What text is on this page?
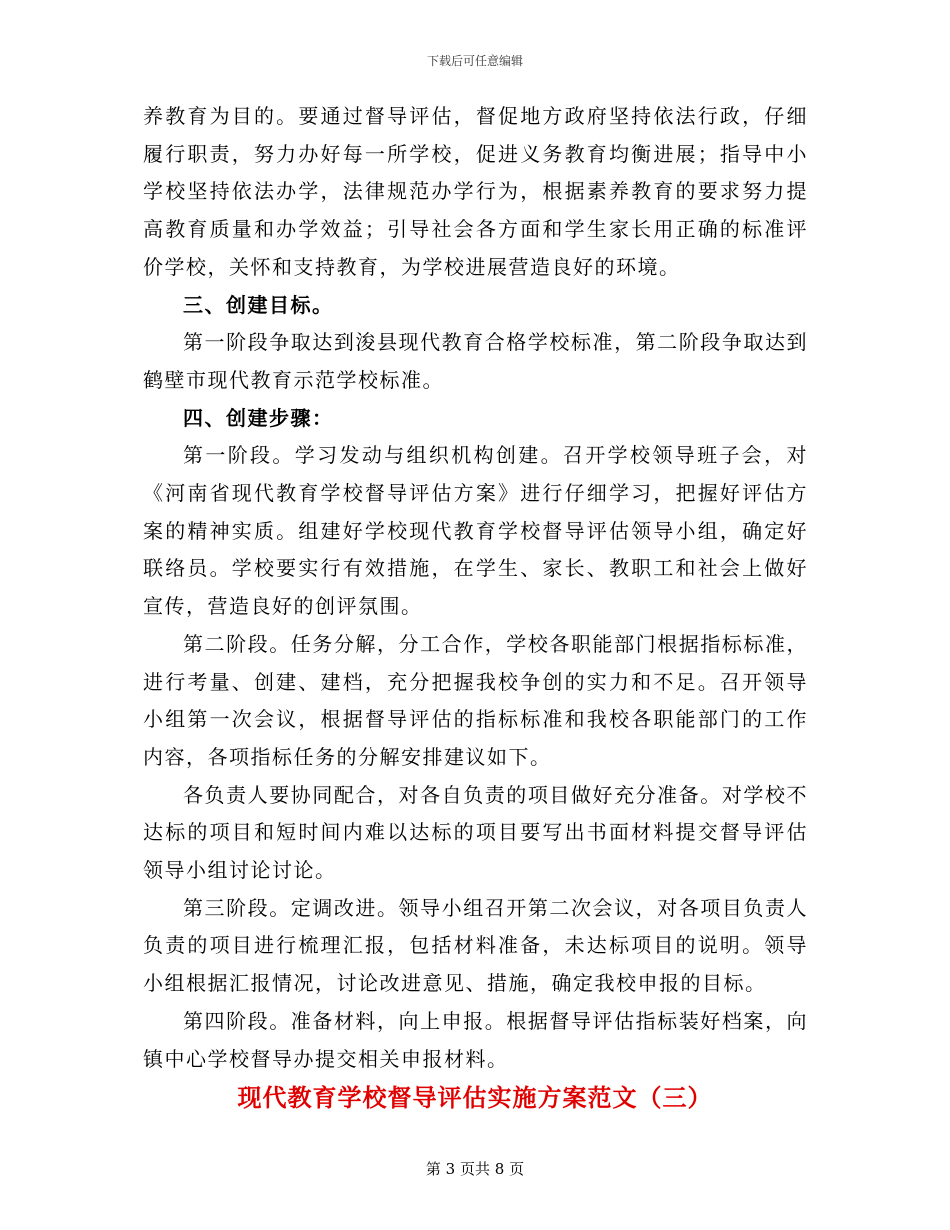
下载后可任意编辑

养教育为目的。要通过督导评估，督促地方政府坚持依法行政，仔细履行职责，努力办好每一所学校，促进义务教育均衡进展；指导中小学校坚持依法办学，法律规范办学行为，根据素养教育的要求努力提高教育质量和办学效益；引导社会各方面和学生家长用正确的标准评价学校，关怀和支持教育，为学校进展营造良好的环境。

三、创建目标。

第一阶段争取达到浚县现代教育合格学校标准，第二阶段争取达到鹤壁市现代教育示范学校标准。

四、创建步骤：

第一阶段。学习发动与组织机构创建。召开学校领导班子会，对《河南省现代教育学校督导评估方案》进行仔细学习，把握好评估方案的精神实质。组建好学校现代教育学校督导评估领导小组，确定好联络员。学校要实行有效措施，在学生、家长、教职工和社会上做好宣传，营造良好的创评氛围。

第二阶段。任务分解，分工合作，学校各职能部门根据指标标准，进行考量、创建、建档，充分把握我校争创的实力和不足。召开领导小组第一次会议，根据督导评估的指标标准和我校各职能部门的工作内容，各项指标任务的分解安排建议如下。

各负责人要协同配合，对各自负责的项目做好充分准备。对学校不达标的项目和短时间内难以达标的项目要写出书面材料提交督导评估领导小组讨论讨论。

第三阶段。定调改进。领导小组召开第二次会议，对各项目负责人负责的项目进行梳理汇报，包括材料准备，未达标项目的说明。领导小组根据汇报情况，讨论改进意见、措施，确定我校申报的目标。

第四阶段。准备材料，向上申报。根据督导评估指标装好档案，向镇中心学校督导办提交相关申报材料。

现代教育学校督导评估实施方案范文（三）
第 3 页共 8 页
